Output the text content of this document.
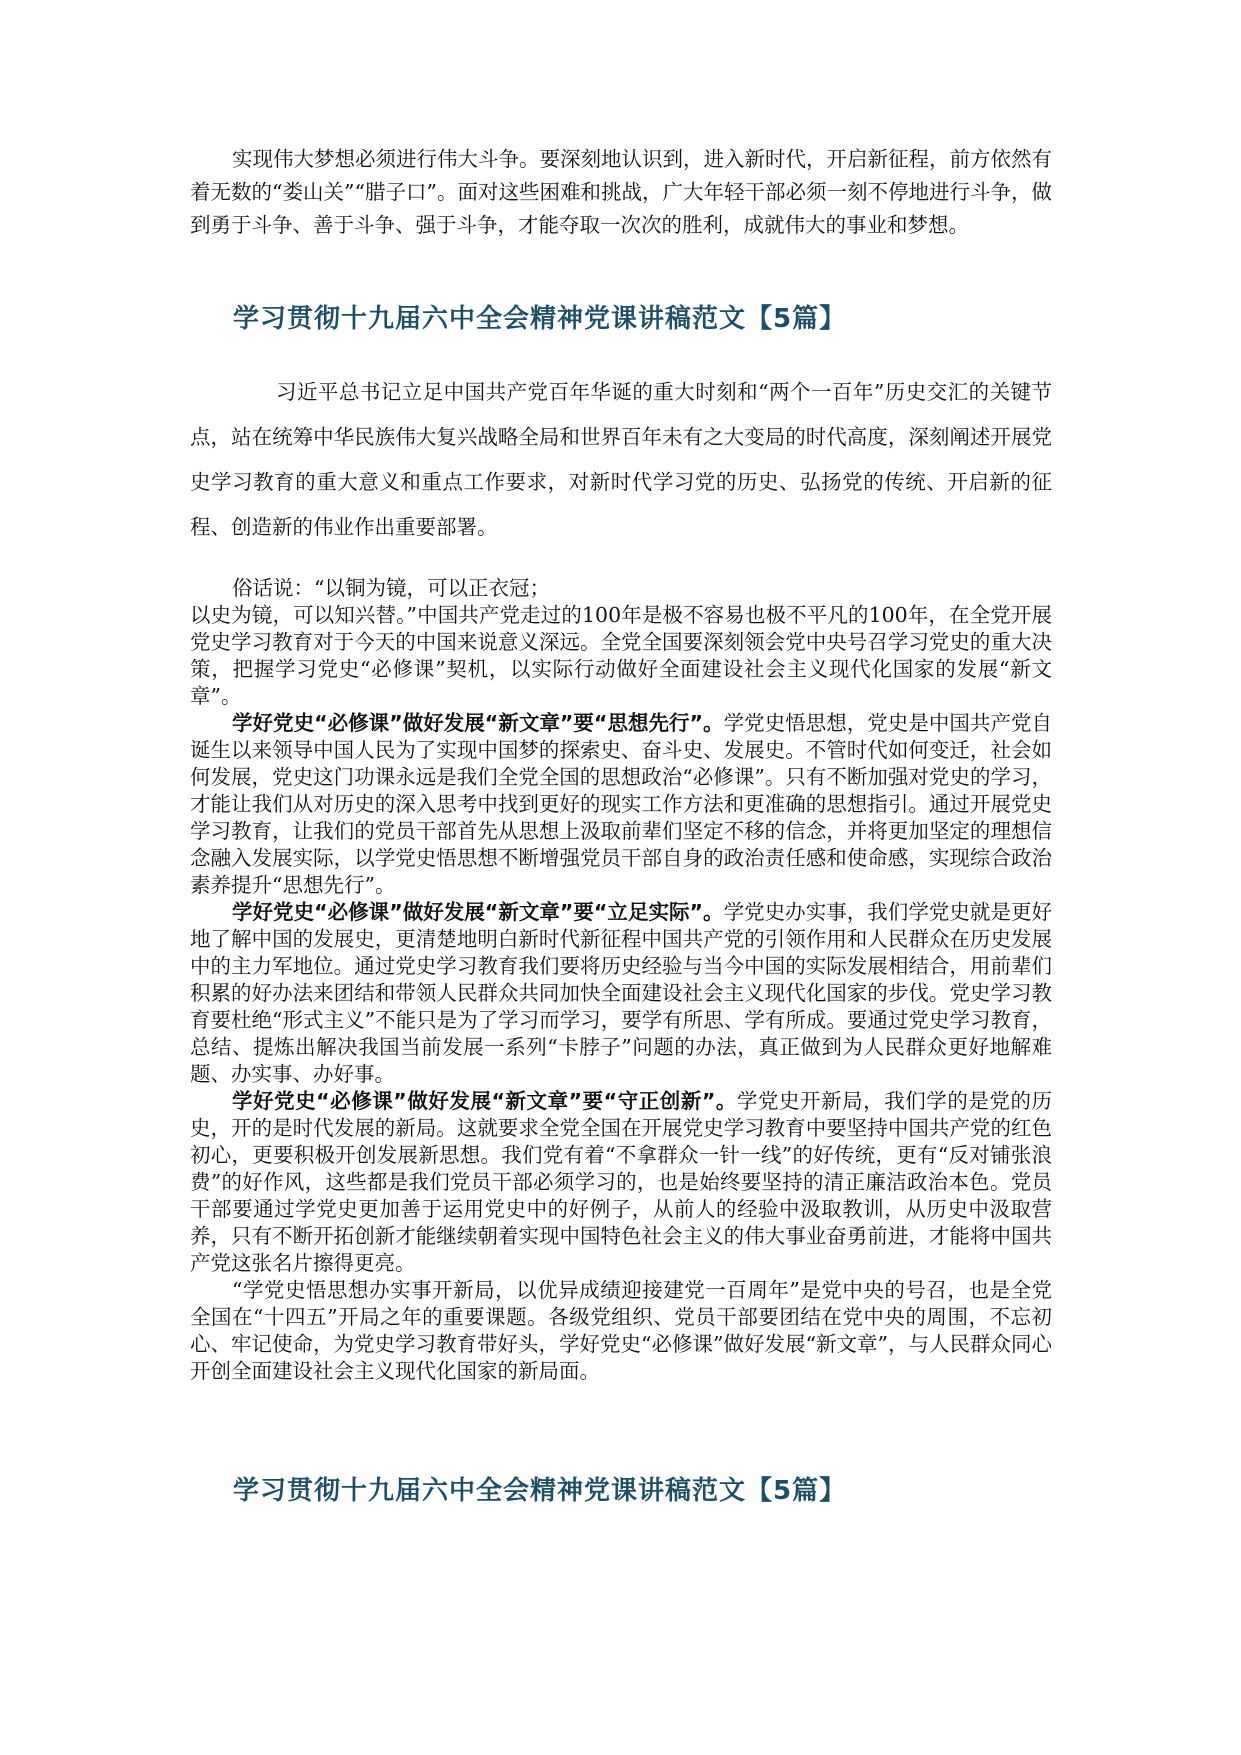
实现伟大梦想必须进行伟大斗争。要深刻地认识到，进入新时代，开启新征程，前方依然有着无数的“娄山关”“腊子口”。面对这些困难和挑战，广大年轻干部必须一刻不停地进行斗争，做到勇于斗争、善于斗争、强于斗争，才能夺取一次次的胜利，成就伟大的事业和梦想。

学习贯彻十九届六中全会精神党课讲稿范文【5篇】

习近平总书记立足中国共产党百年华诞的重大时刻和“两个一百年”历史交汇的关键节点，站在统筹中华民族伟大复兴战略全局和世界百年未有之大变局的时代高度，深刻阐述开展党史学习教育的重大意义和重点工作要求，对新时代学习党的历史、弘扬党的传统、开启新的征程、创造新的伟业作出重要部署。

俗话说：“以铜为镜，可以正衣冠；

以史为镜，可以知兴替。”中国共产党走过的100年是极不容易也极不平凡的100年，在全党开展党史学习教育对于今天的中国来说意义深远。全党全国要深刻领会党中央号召学习党史的重大决策，把握学习党史“必修课”契机，以实际行动做好全面建设社会主义现代化国家的发展“新文章”。

学好党史“必修课”做好发展“新文章”要“思想先行”。学党史悟思想，党史是中国共产党自诞生以来领导中国人民为了实现中国梦的探索史、奋斗史、发展史。不管时代如何变迁，社会如何发展，党史这门功课永远是我们全党全国的思想政治“必修课”。只有不断加强对党史的学习，才能让我们从对历史的深入思考中找到更好的现实工作方法和更准确的思想指引。通过开展党史学习教育，让我们的党员干部首先从思想上汲取前辈们坚定不移的信念，并将更加坚定的理想信念融入发展实际，以学党史悟思想不断增强党员干部自身的政治责任感和使命感，实现综合政治素养提升“思想先行”。

学好党史“必修课”做好发展“新文章”要“立足实际”。学党史办实事，我们学党史就是更好地了解中国的发展史，更清楚地明白新时代新征程中国共产党的引领作用和人民群众在历史发展中的主力军地位。通过党史学习教育我们要将历史经验与当今中国的实际发展相结合，用前辈们积累的好办法来团结和带领人民群众共同加快全面建设社会主义现代化国家的步伐。党史学习教育要杜绝“形式主义”不能只是为了学习而学习，要学有所思、学有所成。要通过党史学习教育，总结、提炼出解决我国当前发展一系列“卡脖子”问题的办法，真正做到为人民群众更好地解难题、办实事、办好事。

学好党史“必修课”做好发展“新文章”要“守正创新”。学党史开新局，我们学的是党的历史，开的是时代发展的新局。这就要求全党全国在开展党史学习教育中要坚持中国共产党的红色初心，更要积极开创发展新思想。我们党有着“不拿群众一针一线”的好传统，更有“反对铺张浪费”的好作风，这些都是我们党员干部必须学习的，也是始终要坚持的清正廉洁政治本色。党员干部要通过学党史更加善于运用党史中的好例子，从前人的经验中汲取教训，从历史中汲取营养，只有不断开拓创新才能继续朝着实现中国特色社会主义的伟大事业奋勇前进，才能将中国共产党这张名片擦得更亮。

“学党史悟思想办实事开新局，以优异成绩迎接建党一百周年”是党中央的号召，也是全党全国在“十四五”开局之年的重要课题。各级党组织、党员干部要团结在党中央的周围，不忘初心、牢记使命，为党史学习教育带好头，学好党史“必修课”做好发展“新文章”，与人民群众同心开创全面建设社会主义现代化国家的新局面。

学习贯彻十九届六中全会精神党课讲稿范文【5篇】
